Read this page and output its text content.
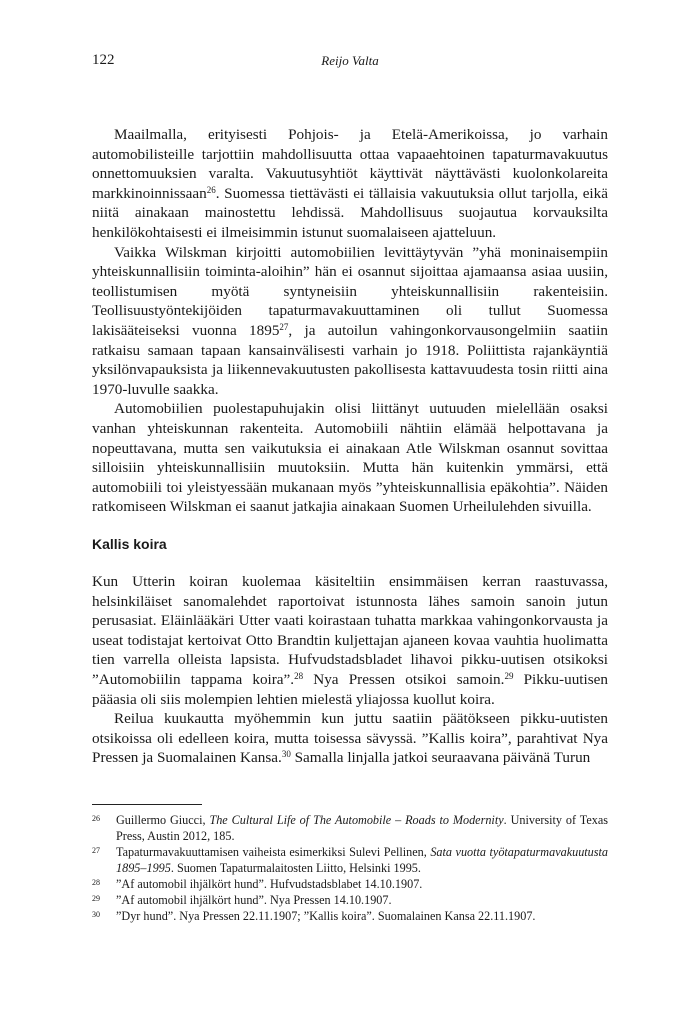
122	Reijo Valta

Maailmalla, erityisesti Pohjois- ja Etelä-Amerikoissa, jo varhain automobilisteille tarjottiin mahdollisuutta ottaa vapaaehtoinen tapaturmavakuutus onnettomuuksien varalta. Vakuutusyhtiöt käyttivät näyttävästi kuolonkolareita markkinoinnissaan$^{26}$. Suomessa tiettävästi ei tällaisia vakuutuksia ollut tarjolla, eikä niitä ainakaan mainostettu lehdissä. Mahdollisuus suojautua korvauksilta henkilökohtaisesti ei ilmeisimmin istunut suomalaiseen ajatteluun.

Vaikka Wilskman kirjoitti automobiilien levittäytyvän ”yhä moninaisempiin yhteiskunnallisiin toiminta-aloihin” hän ei osannut sijoittaa ajamaansa asiaa uusiin, teollistumisen myötä syntyneisiin yhteiskunnallisiin rakenteisiin. Teollisuustyöntekijöiden tapaturmavakuuttaminen oli tullut Suomessa lakisääteiseksi vuonna 1895$^{27}$, ja autoilun vahingonkorvausongelmiin saatiin ratkaisu samaan tapaan kansainvälisesti varhain jo 1918. Poliittista rajankäyntiä yksilönvapauksista ja liikennevakuutusten pakollisesta kattavuudesta tosin riitti aina 1970-luvulle saakka.

Automobiilien puolestapuhujakin olisi liittänyt uutuuden mielellään osaksi vanhan yhteiskunnan rakenteita. Automobiili nähtiin elämää helpottavana ja nopeuttavana, mutta sen vaikutuksia ei ainakaan Atle Wilskman osannut sovittaa silloisiin yhteiskunnallisiin muutoksiin. Mutta hän kuitenkin ymmärsi, että automobiili toi yleistyessään mukanaan myös ”yhteiskunnallisia epäkohtia”. Näiden ratkomiseen Wilskman ei saanut jatkajia ainakaan Suomen Urheilulehden sivuilla.

Kallis koira

Kun Utterin koiran kuolemaa käsiteltiin ensimmäisen kerran raastuvassa, helsinkiläiset sanomalehdet raportoivat istunnosta lähes samoin sanoin jutun perusasiat. Eläinlääkäri Utter vaati koirastaan tuhatta markkaa vahingonkorvausta ja useat todistajat kertoivat Otto Brandtin kuljettajan ajaneen kovaa vauhtia huolimatta tien varrella olleista lapsista. Hufvudstadsbladet lihavoi pikku-uutisen otsikoksi ”Automobiilin tappama koira”.$^{28}$ Nya Pressen otsikoi samoin.$^{29}$ Pikku-uutisen pääasia oli siis molempien lehtien mielestä yliajossa kuollut koira.

Reilua kuukautta myöhemmin kun juttu saatiin päätökseen pikku-uutisten otsikoissa oli edelleen koira, mutta toisessa sävyssä. ”Kallis koira”, parahtivat Nya Pressen ja Suomalainen Kansa.$^{30}$ Samalla linjalla jatkoi seuraavana päivänä Turun

26 Guillermo Giucci, The Cultural Life of The Automobile – Roads to Modernity. University of Texas Press, Austin 2012, 185.

27 Tapaturmavakuuttamisen vaiheista esimerkiksi Sulevi Pellinen, Sata vuotta työtapaturmavakuutusta 1895–1995. Suomen Tapaturmalaitosten Liitto, Helsinki 1995.

28 ”Af automobil ihjälkört hund”. Hufvudstadsblabet 14.10.1907.

29 ”Af automobil ihjälkört hund”. Nya Pressen 14.10.1907.

30 ”Dyr hund”. Nya Pressen 22.11.1907; ”Kallis koira”. Suomalainen Kansa 22.11.1907.
